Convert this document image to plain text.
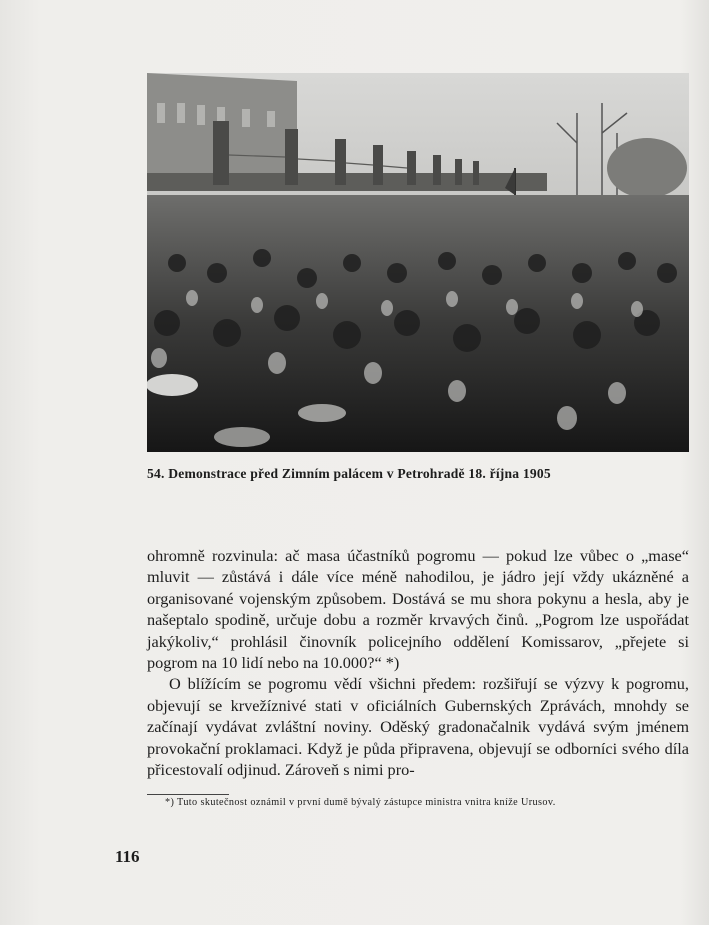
54. Demonstrace před Zimním palácem v Petrohradě 18. října 1905

ohromně rozvinula: ač masa účastníků pogromu — pokud lze vůbec o „mase“ mluvit — zůstává i dále více méně nahodilou, je jádro její vždy ukázněné a organisované vojenským způsobem. Dostává se mu shora pokynu a hesla, aby je našeptalo spodině, určuje dobu a rozměr krvavých činů. „Pogrom lze uspořádat jakýkoliv,“ prohlásil činovník policejního oddělení Komissarov, „přejete si pogrom na 10 lidí nebo na 10.000?“ *)

O blížícím se pogromu vědí všichni předem: rozšiřují se výzvy k pogromu, objevují se krvežíznivé stati v oficiálních Gubernských Zprávách, mnohdy se začínají vydávat zvláštní noviny. Oděský gradonačalnik vydává svým jménem provokační proklamaci. Když je půda připravena, objevují se odborníci svého díla přicestovalí odjinud. Zároveň s nimi pro-

*) Tuto skutečnost oznámil v první dumě bývalý zástupce ministra vnitra kníže Urusov.
116
